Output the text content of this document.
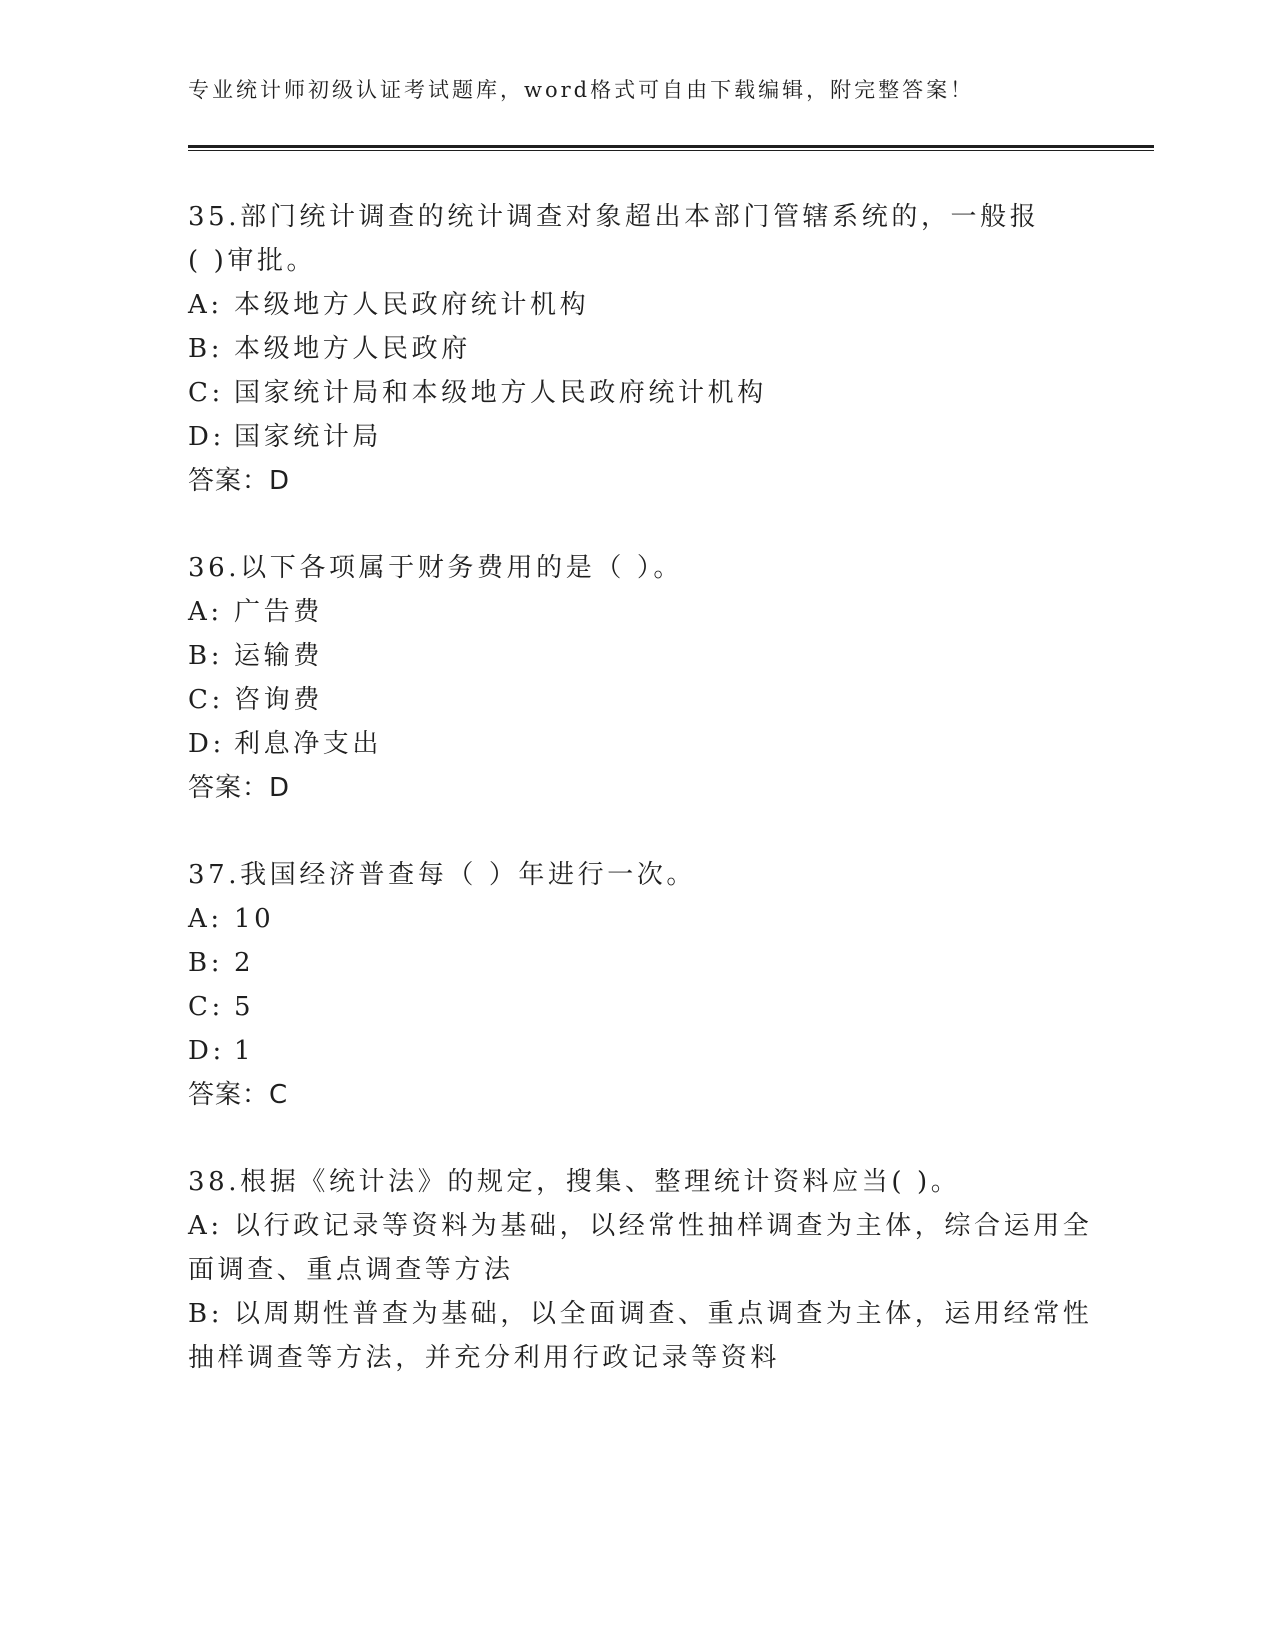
专业统计师初级认证考试题库，word格式可自由下载编辑，附完整答案！
35.部门统计调查的统计调查对象超出本部门管辖系统的，一般报
( )审批。
A: 本级地方人民政府统计机构
B: 本级地方人民政府
C: 国家统计局和本级地方人民政府统计机构
D: 国家统计局
答案：D
36.以下各项属于财务费用的是（ ）。
A: 广告费
B: 运输费
C: 咨询费
D: 利息净支出
答案：D
37.我国经济普查每（ ）年进行一次。
A: 10
B: 2
C: 5
D: 1
答案：C
38.根据《统计法》的规定，搜集、整理统计资料应当( )。
A: 以行政记录等资料为基础，以经常性抽样调查为主体，综合运用全
面调查、重点调查等方法
B: 以周期性普查为基础，以全面调查、重点调查为主体，运用经常性
抽样调查等方法，并充分利用行政记录等资料
